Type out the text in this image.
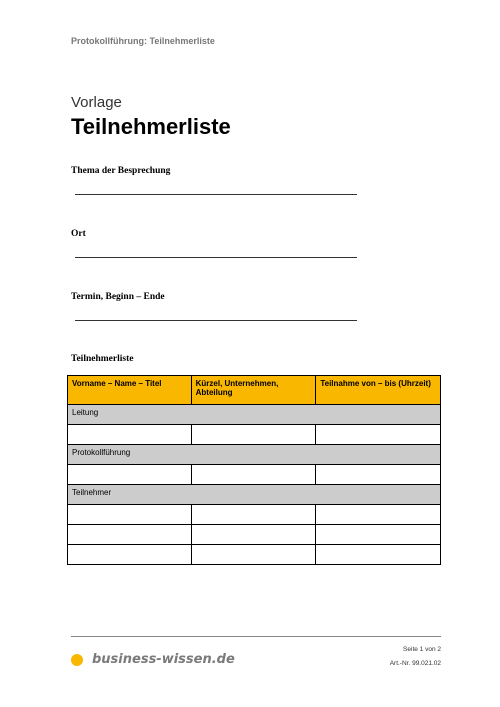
Protokollführung: Teilnehmerliste
Vorlage
Teilnehmerliste
Thema der Besprechung
Ort
Termin, Beginn – Ende
Teilnehmerliste
Vorname – Name – Titel	Kürzel, Unternehmen, Abteilung	Teilnahme von – bis (Uhrzeit)
Leitung		

Protokollführung		

Teilnehmer		

business-wissen.de
Seite 1 von 2
Art.-Nr. 99.021.02
